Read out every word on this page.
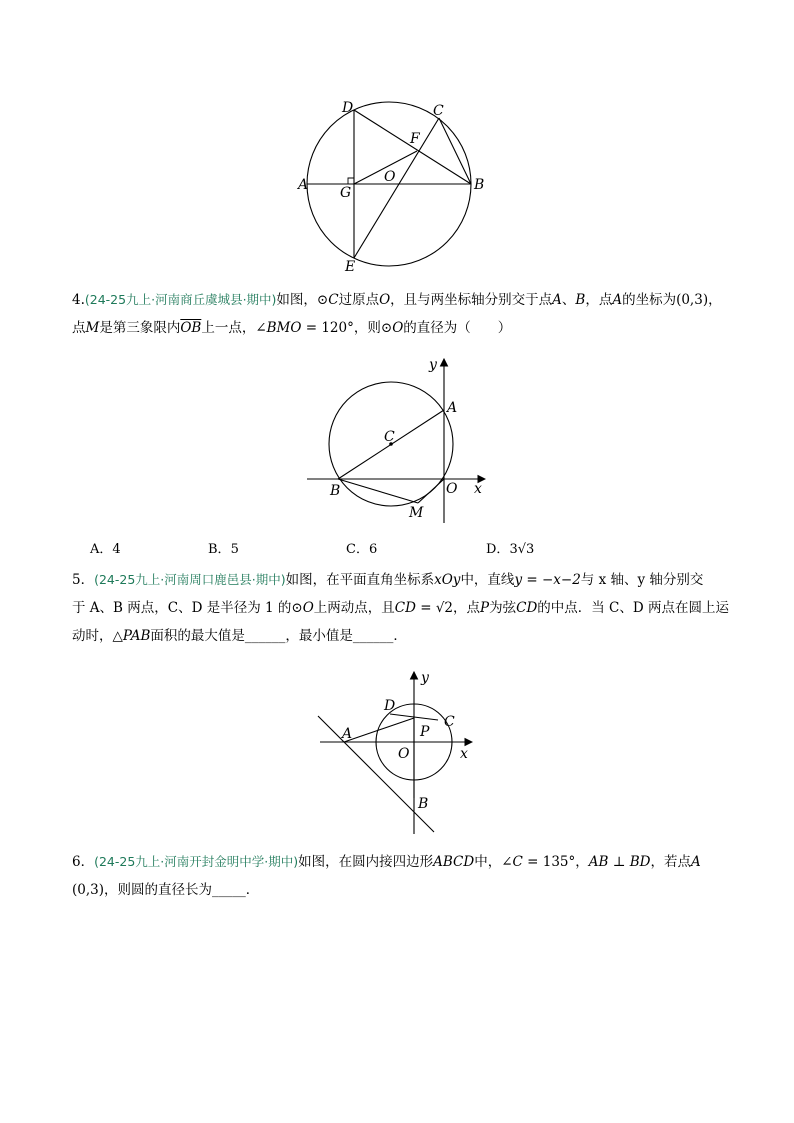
D	C
F
A G
O	B
E
4.(24-25九上·河南商丘虞城县·期中)如图，⊙C过原点O，且与两坐标轴分别交于点A、B，点A的坐标为(0,3)，
点M是第三象限内$\overline{OB}$上一点，∠BMO = 120°，则⊙O的直径为（　　）
y
A
C
B	O x
M
A．4	B．5	C．6	D．3√3
5．(24-25九上·河南周口鹿邑县·期中)如图，在平面直角坐标系xOy中，直线y = −x−2与 x 轴、y 轴分别交
于 A、B 两点，C、D 是半径为 1 的⊙O上两动点，且CD = √2，点P为弦CD的中点．当 C、D 两点在圆上运
动时，△PAB面积的最大值是______，最小值是______．
y
D
C
A	P
O	x
B
6．(24-25九上·河南开封金明中学·期中)如图，在圆内接四边形ABCD中，∠C = 135°，AB ⊥ BD，若点A
(0,3)，则圆的直径长为_____．
